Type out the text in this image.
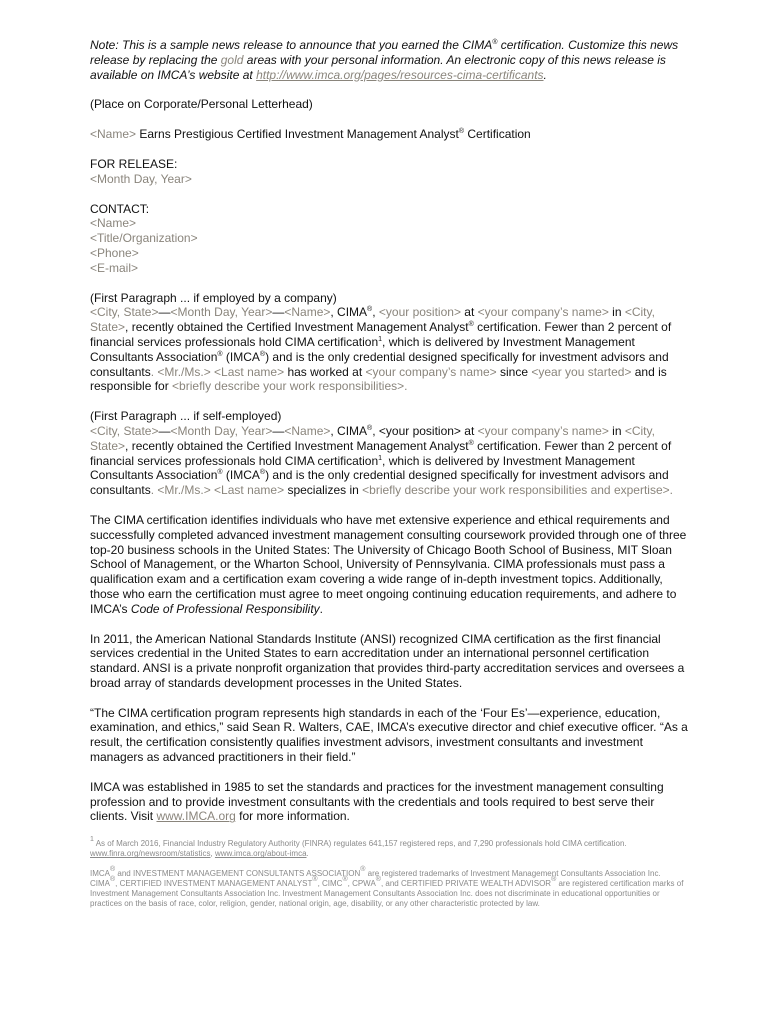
Note: This is a sample news release to announce that you earned the CIMA® certification. Customize this news release by replacing the gold areas with your personal information. An electronic copy of this news release is available on IMCA’s website at http://www.imca.org/pages/resources-cima-certificants.

(Place on Corporate/Personal Letterhead)

<Name> Earns Prestigious Certified Investment Management Analyst® Certification

FOR RELEASE:
<Month Day, Year>

CONTACT:
<Name>
<Title/Organization>
<Phone>
<E-mail>

(First Paragraph ... if employed by a company)
<City, State>—<Month Day, Year>—<Name>, CIMA®, <your position> at <your company’s name> in <City, State>, recently obtained the Certified Investment Management Analyst® certification. Fewer than 2 percent of financial services professionals hold CIMA certification$^1$, which is delivered by Investment Management Consultants Association® (IMCA®) and is the only credential designed specifically for investment advisors and consultants. <Mr./Ms.> <Last name> has worked at <your company’s name> since <year you started> and is responsible for <briefly describe your work responsibilities>.

(First Paragraph ... if self-employed)
<City, State>—<Month Day, Year>—<Name>, CIMA®, <your position> at <your company’s name> in <City, State>, recently obtained the Certified Investment Management Analyst® certification. Fewer than 2 percent of financial services professionals hold CIMA certification$^1$, which is delivered by Investment Management Consultants Association® (IMCA®) and is the only credential designed specifically for investment advisors and consultants. <Mr./Ms.> <Last name> specializes in <briefly describe your work responsibilities and expertise>.

The CIMA certification identifies individuals who have met extensive experience and ethical requirements and successfully completed advanced investment management consulting coursework provided through one of three top-20 business schools in the United States: The University of Chicago Booth School of Business, MIT Sloan School of Management, or the Wharton School, University of Pennsylvania. CIMA professionals must pass a qualification exam and a certification exam covering a wide range of in-depth investment topics. Additionally, those who earn the certification must agree to meet ongoing continuing education requirements, and adhere to IMCA’s Code of Professional Responsibility.

In 2011, the American National Standards Institute (ANSI) recognized CIMA certification as the first financial services credential in the United States to earn accreditation under an international personnel certification standard. ANSI is a private nonprofit organization that provides third-party accreditation services and oversees a broad array of standards development processes in the United States.

“The CIMA certification program represents high standards in each of the ‘Four Es’—experience, education, examination, and ethics,” said Sean R. Walters, CAE, IMCA’s executive director and chief executive officer. “As a result, the certification consistently qualifies investment advisors, investment consultants and investment managers as advanced practitioners in their field.”

IMCA was established in 1985 to set the standards and practices for the investment management consulting profession and to provide investment consultants with the credentials and tools required to best serve their clients. Visit www.IMCA.org for more information.

$^1$ As of March 2016, Financial Industry Regulatory Authority (FINRA) regulates 641,157 registered reps, and 7,290 professionals hold CIMA certification. www.finra.org/newsroom/statistics, www.imca.org/about-imca.

IMCA® and INVESTMENT MANAGEMENT CONSULTANTS ASSOCIATION® are registered trademarks of Investment Management Consultants Association Inc. CIMA®, CERTIFIED INVESTMENT MANAGEMENT ANALYST®, CIMC®, CPWA®, and CERTIFIED PRIVATE WEALTH ADVISOR® are registered certification marks of Investment Management Consultants Association Inc. Investment Management Consultants Association Inc. does not discriminate in educational opportunities or practices on the basis of race, color, religion, gender, national origin, age, disability, or any other characteristic protected by law.
